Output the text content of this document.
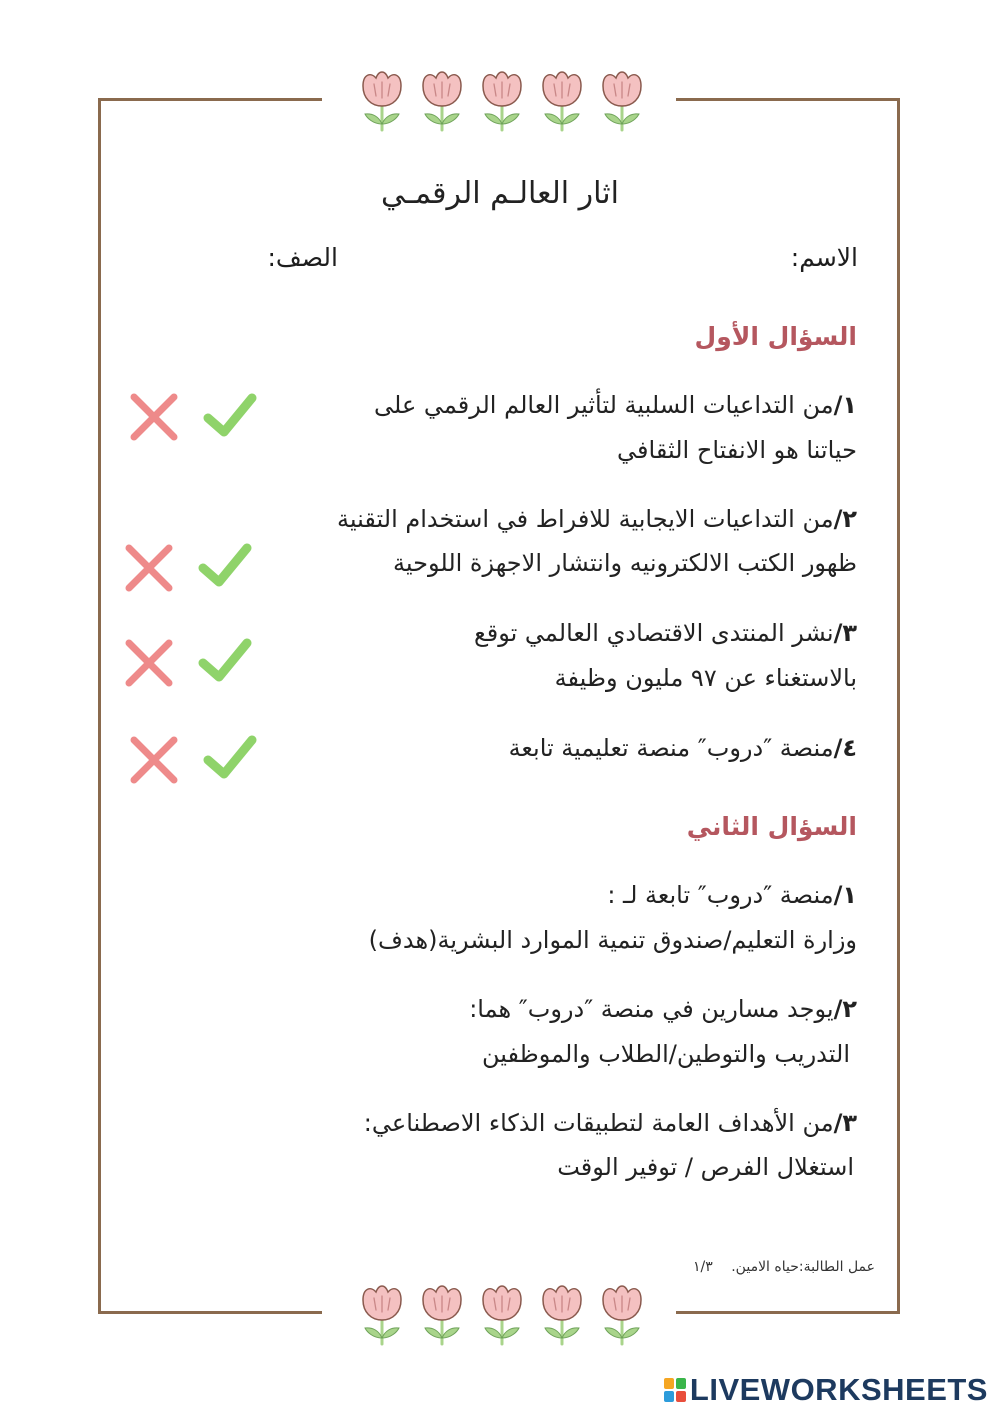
اثار العالـم الرقمـي
الاسم:
الصف:
السؤال الأول
١/من التداعيات السلبية لتأثير العالم الرقمي على
حياتنا هو الانفتاح الثقافي
٢/من التداعيات الايجابية للافراط في استخدام التقنية
ظهور الكتب الالكترونيه وانتشار الاجهزة اللوحية
٣/نشر المنتدى الاقتصادي العالمي توقع
بالاستغناء عن ٩٧ مليون وظيفة
٤/منصة ″دروب″ منصة تعليمية تابعة
السؤال الثاني
١/منصة ″دروب″ تابعة لـ :
وزارة التعليم/صندوق تنمية الموارد البشرية(هدف)
٢/يوجد مسارين في منصة ″دروب″ هما:
التدريب والتوطين/الطلاب والموظفين
٣/من الأهداف العامة لتطبيقات الذكاء الاصطناعي:
استغلال الفرص / توفير الوقت
عمل الطالبة:حياه الامين. ١/٣
LIVEWORKSHEETS
